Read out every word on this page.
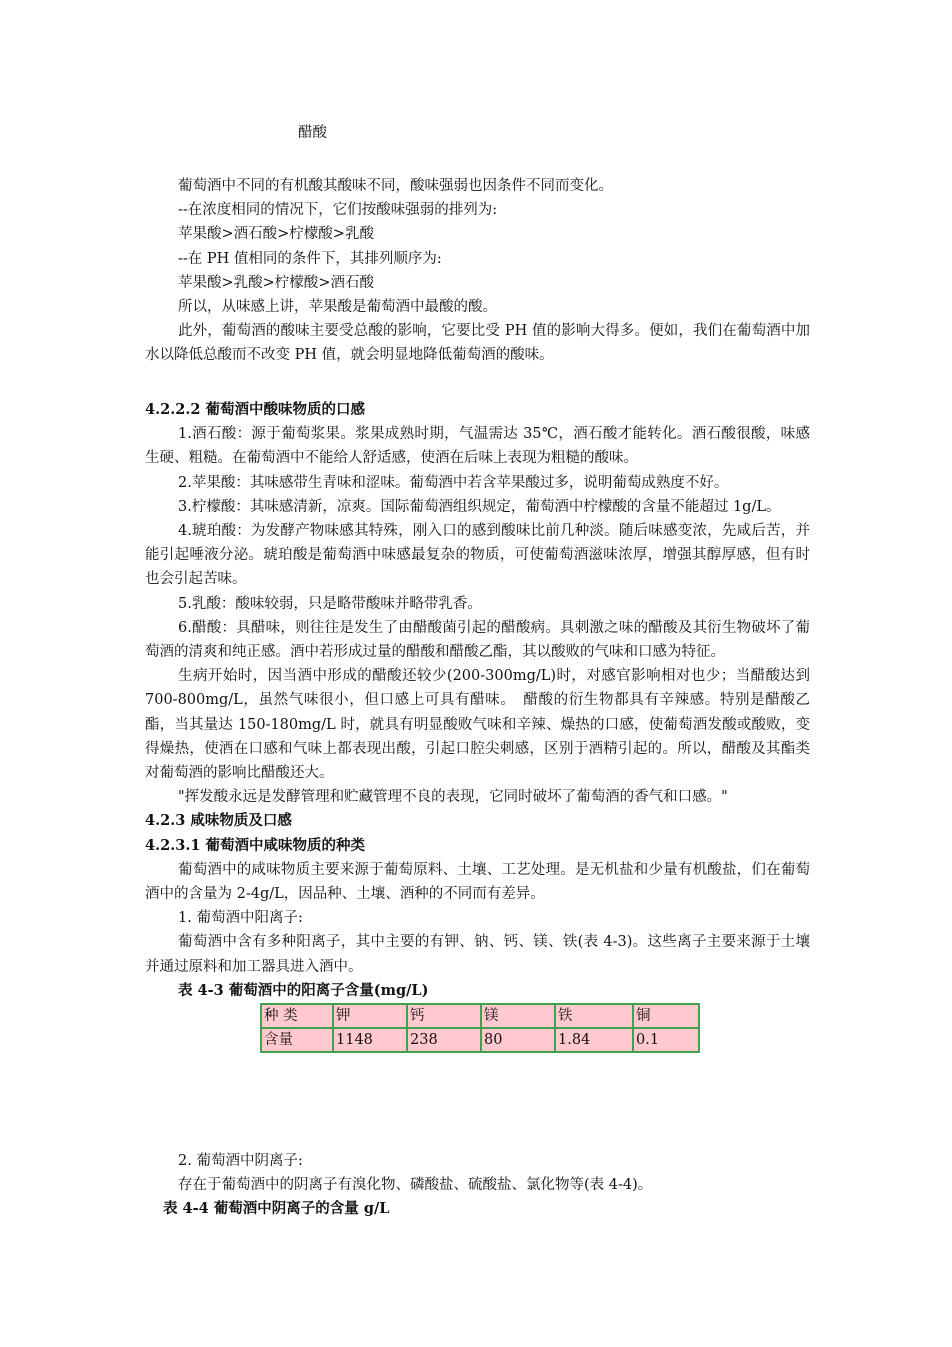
醋酸

葡萄酒中不同的有机酸其酸味不同，酸味强弱也因条件不同而变化。

--在浓度相同的情况下，它们按酸味强弱的排列为:

苹果酸>酒石酸>柠檬酸>乳酸

--在 PH 值相同的条件下，其排列顺序为:

苹果酸>乳酸>柠檬酸>酒石酸

所以，从味感上讲，苹果酸是葡萄酒中最酸的酸。

此外，葡萄酒的酸味主要受总酸的影响，它要比受 PH 值的影响大得多。便如，我们在葡萄酒中加水以降低总酸而不改变 PH 值，就会明显地降低葡萄酒的酸味。

4.2.2.2 葡萄酒中酸味物质的口感

1.酒石酸：源于葡萄浆果。浆果成熟时期，气温需达 35℃，酒石酸才能转化。酒石酸很酸，味感生硬、粗糙。在葡萄酒中不能给人舒适感，使酒在后味上表现为粗糙的酸味。

2.苹果酸：其味感带生青味和涩味。葡萄酒中若含苹果酸过多，说明葡萄成熟度不好。

3.柠檬酸：其味感清新，凉爽。国际葡萄酒组织规定，葡萄酒中柠檬酸的含量不能超过 1g/L。

4.琥珀酸：为发酵产物味感其特殊，刚入口的感到酸味比前几种淡。随后味感变浓，先咸后苦，并能引起唾液分泌。琥珀酸是葡萄酒中味感最复杂的物质，可使葡萄酒滋味浓厚，增强其醇厚感，但有时也会引起苦味。

5.乳酸：酸味较弱，只是略带酸味并略带乳香。

6.醋酸：具醋味，则往往是发生了由醋酸菌引起的醋酸病。具刺激之味的醋酸及其衍生物破坏了葡萄酒的清爽和纯正感。酒中若形成过量的醋酸和醋酸乙酯，其以酸败的气味和口感为特征。

生病开始时，因当酒中形成的醋酸还较少(200-300mg/L)时，对感官影响相对也少；当醋酸达到 700-800mg/L，虽然气味很小，但口感上可具有醋味。　醋酸的衍生物都具有辛辣感。特别是醋酸乙酯，当其量达 150-180mg/L 时，就具有明显酸败气味和辛辣、燥热的口感，使葡萄酒发酸或酸败，变得燥热，使酒在口感和气味上都表现出酸，引起口腔尖刺感，区别于酒精引起的。所以，醋酸及其酯类对葡萄酒的影响比醋酸还大。

"挥发酸永远是发酵管理和贮藏管理不良的表现，它同时破坏了葡萄酒的香气和口感。"

4.2.3 咸味物质及口感

4.2.3.1 葡萄酒中咸味物质的种类

葡萄酒中的咸味物质主要来源于葡萄原料、土壤、工艺处理。是无机盐和少量有机酸盐，们在葡萄酒中的含量为 2-4g/L，因品种、土壤、酒种的不同而有差异。

1. 葡萄酒中阳离子:

葡萄酒中含有多种阳离子，其中主要的有钾、钠、钙、镁、铁(表 4-3)。这些离子主要来源于土壤并通过原料和加工器具进入酒中。

表 4-3 葡萄酒中的阳离子含量(mg/L)

种 类	钾	钙	镁	铁	铜
含量	1148	238	80	1.84	0.1

2. 葡萄酒中阴离子:

存在于葡萄酒中的阴离子有溴化物、磷酸盐、硫酸盐、氯化物等(表 4-4)。

表 4-4 葡萄酒中阴离子的含量 g/L
